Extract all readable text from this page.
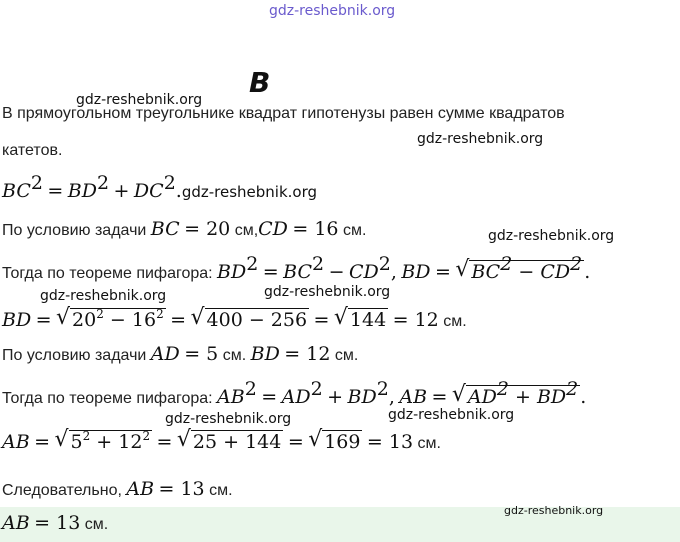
gdz-reshebnik.org
В
gdz-reshebnik.org
В прямоугольном треугольнике квадрат гипотенузы равен сумме квадратов
gdz-reshebnik.org
катетов.
$BC^2 = BD^2$ + $DC^2.gdz-reshebnik.org$
По условию задачи BC = 20 см,CD = 16 см.	gdz-reshebnik.org
Тогда по теореме пифагора: $BD^2 = BC^2 - CD^2$, BD = √ $BC^2 - CD^2$ .
gdz-reshebnik.org	gdz-reshebnik.org
BD = √ $20^2 - 16^2$ = √ 400 − 256 = √ 144 = 12 см.
По условию задачи AD = 5 см. BD = 12 см.
Тогда по теореме пифагора: $AB^2 = AD^2 + BD^2$, AB = √ $AD^2 + BD^2$ .
gdz-reshebnik.org	gdz-reshebnik.org
AB = √ $5^2 + 12^2$ = √ 25 + 144 = √ 169 = 13 см.
Следовательно, AB = 13 см.
AB = 13 см.
gdz-reshebnik.org
